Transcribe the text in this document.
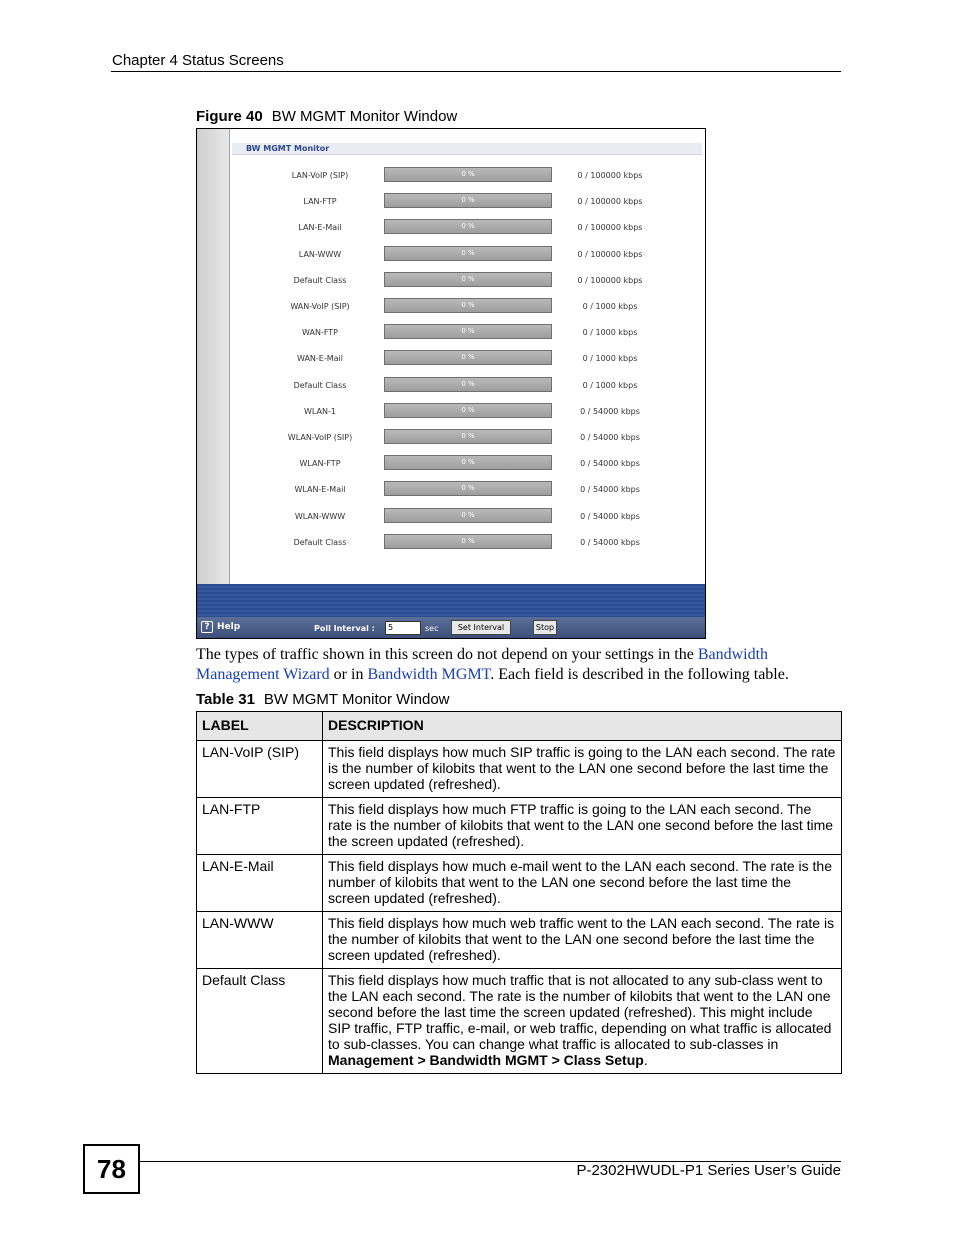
Chapter 4 Status Screens
Figure 40 BW MGMT Monitor Window
BW MGMT Monitor
LAN-VoIP (SIP)	0 %	0 / 100000 kbps
LAN-FTP	0 %	0 / 100000 kbps
LAN-E-Mail	0 %	0 / 100000 kbps
LAN-WWW	0 %	0 / 100000 kbps
Default Class	0 %	0 / 100000 kbps
WAN-VoIP (SIP)	0 %	0 / 1000 kbps
WAN-FTP	0 %	0 / 1000 kbps
WAN-E-Mail	0 %	0 / 1000 kbps
Default Class	0 %	0 / 1000 kbps
WLAN-1	0 %	0 / 54000 kbps
WLAN-VoIP (SIP)	0 %	0 / 54000 kbps
WLAN-FTP	0 %	0 / 54000 kbps
WLAN-E-Mail	0 %	0 / 54000 kbps
WLAN-WWW	0 %	0 / 54000 kbps
Default Class	0 %	0 / 54000 kbps
? Help	Poll Interval :	5	sec	Set Interval	Stop
The types of traffic shown in this screen do not depend on your settings in the Bandwidth Management Wizard or in Bandwidth MGMT. Each field is described in the following table.
Table 31 BW MGMT Monitor Window
LABEL	DESCRIPTION
LAN-VoIP (SIP)	This field displays how much SIP traffic is going to the LAN each second. The rate is the number of kilobits that went to the LAN one second before the last time the screen updated (refreshed).
LAN-FTP	This field displays how much FTP traffic is going to the LAN each second. The rate is the number of kilobits that went to the LAN one second before the last time the screen updated (refreshed).
LAN-E-Mail	This field displays how much e-mail went to the LAN each second. The rate is the number of kilobits that went to the LAN one second before the last time the screen updated (refreshed).
LAN-WWW	This field displays how much web traffic went to the LAN each second. The rate is the number of kilobits that went to the LAN one second before the last time the screen updated (refreshed).
Default Class	This field displays how much traffic that is not allocated to any sub-class went to the LAN each second. The rate is the number of kilobits that went to the LAN one second before the last time the screen updated (refreshed). This might include SIP traffic, FTP traffic, e-mail, or web traffic, depending on what traffic is allocated to sub-classes. You can change what traffic is allocated to sub-classes in Management > Bandwidth MGMT > Class Setup.
78	P-2302HWUDL-P1 Series User’s Guide
